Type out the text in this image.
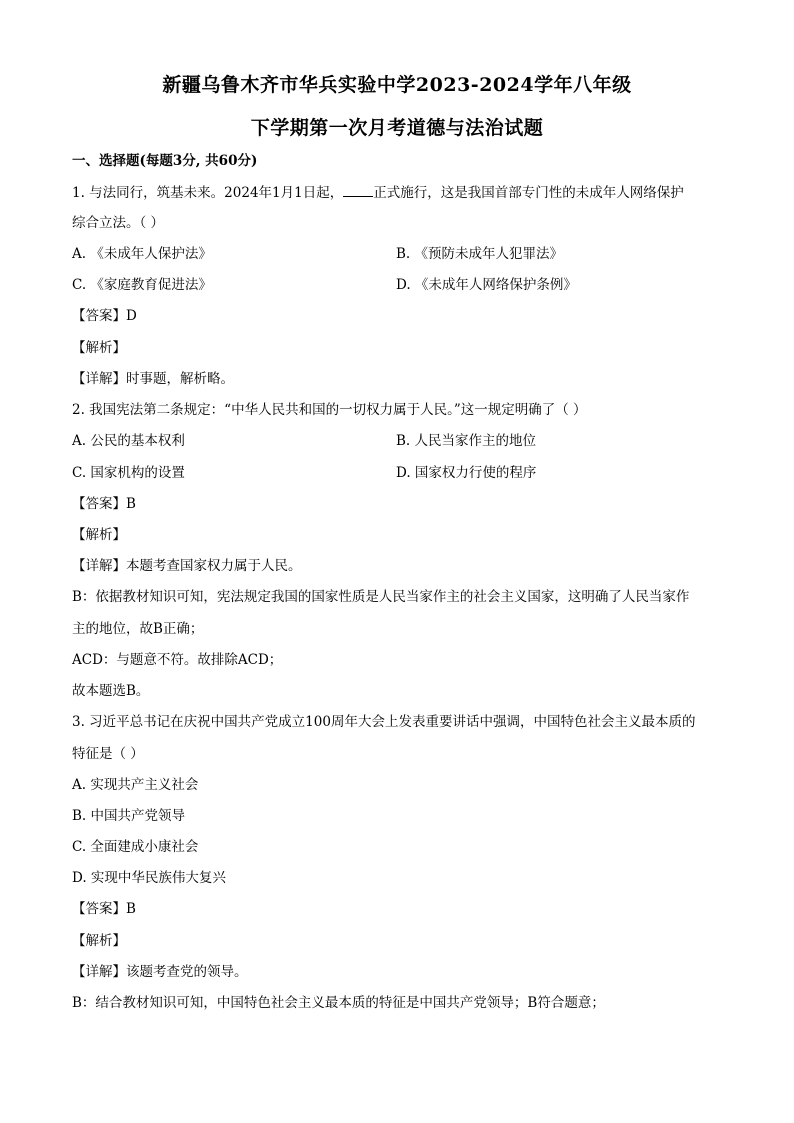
新疆乌鲁木齐市华兵实验中学2023-2024学年八年级
下学期第一次月考道德与法治试题
一、选择题(每题3分, 共60分)
1. 与法同行，筑基未来。2024年1月1日起， 正式施行，这是我国首部专门性的未成年人网络保护
综合立法。（ ）
A. 《未成年人保护法》	B. 《预防未成年人犯罪法》
C. 《家庭教育促进法》	D. 《未成年人网络保护条例》
【答案】D
【解析】
【详解】时事题，解析略。
2. 我国宪法第二条规定：“中华人民共和国的一切权力属于人民。”这一规定明确了（ ）
A. 公民的基本权利	B. 人民当家作主的地位
C. 国家机构的设置	D. 国家权力行使的程序
【答案】B
【解析】
【详解】本题考查国家权力属于人民。
B：依据教材知识可知，宪法规定我国的国家性质是人民当家作主的社会主义国家，这明确了人民当家作
主的地位，故B正确；
ACD：与题意不符。故排除ACD；
故本题选B。
3. 习近平总书记在庆祝中国共产党成立100周年大会上发表重要讲话中强调，中国特色社会主义最本质的
特征是（ ）
A. 实现共产主义社会
B. 中国共产党领导
C. 全面建成小康社会
D. 实现中华民族伟大复兴
【答案】B
【解析】
【详解】该题考查党的领导。
B：结合教材知识可知，中国特色社会主义最本质的特征是中国共产党领导；B符合题意；
